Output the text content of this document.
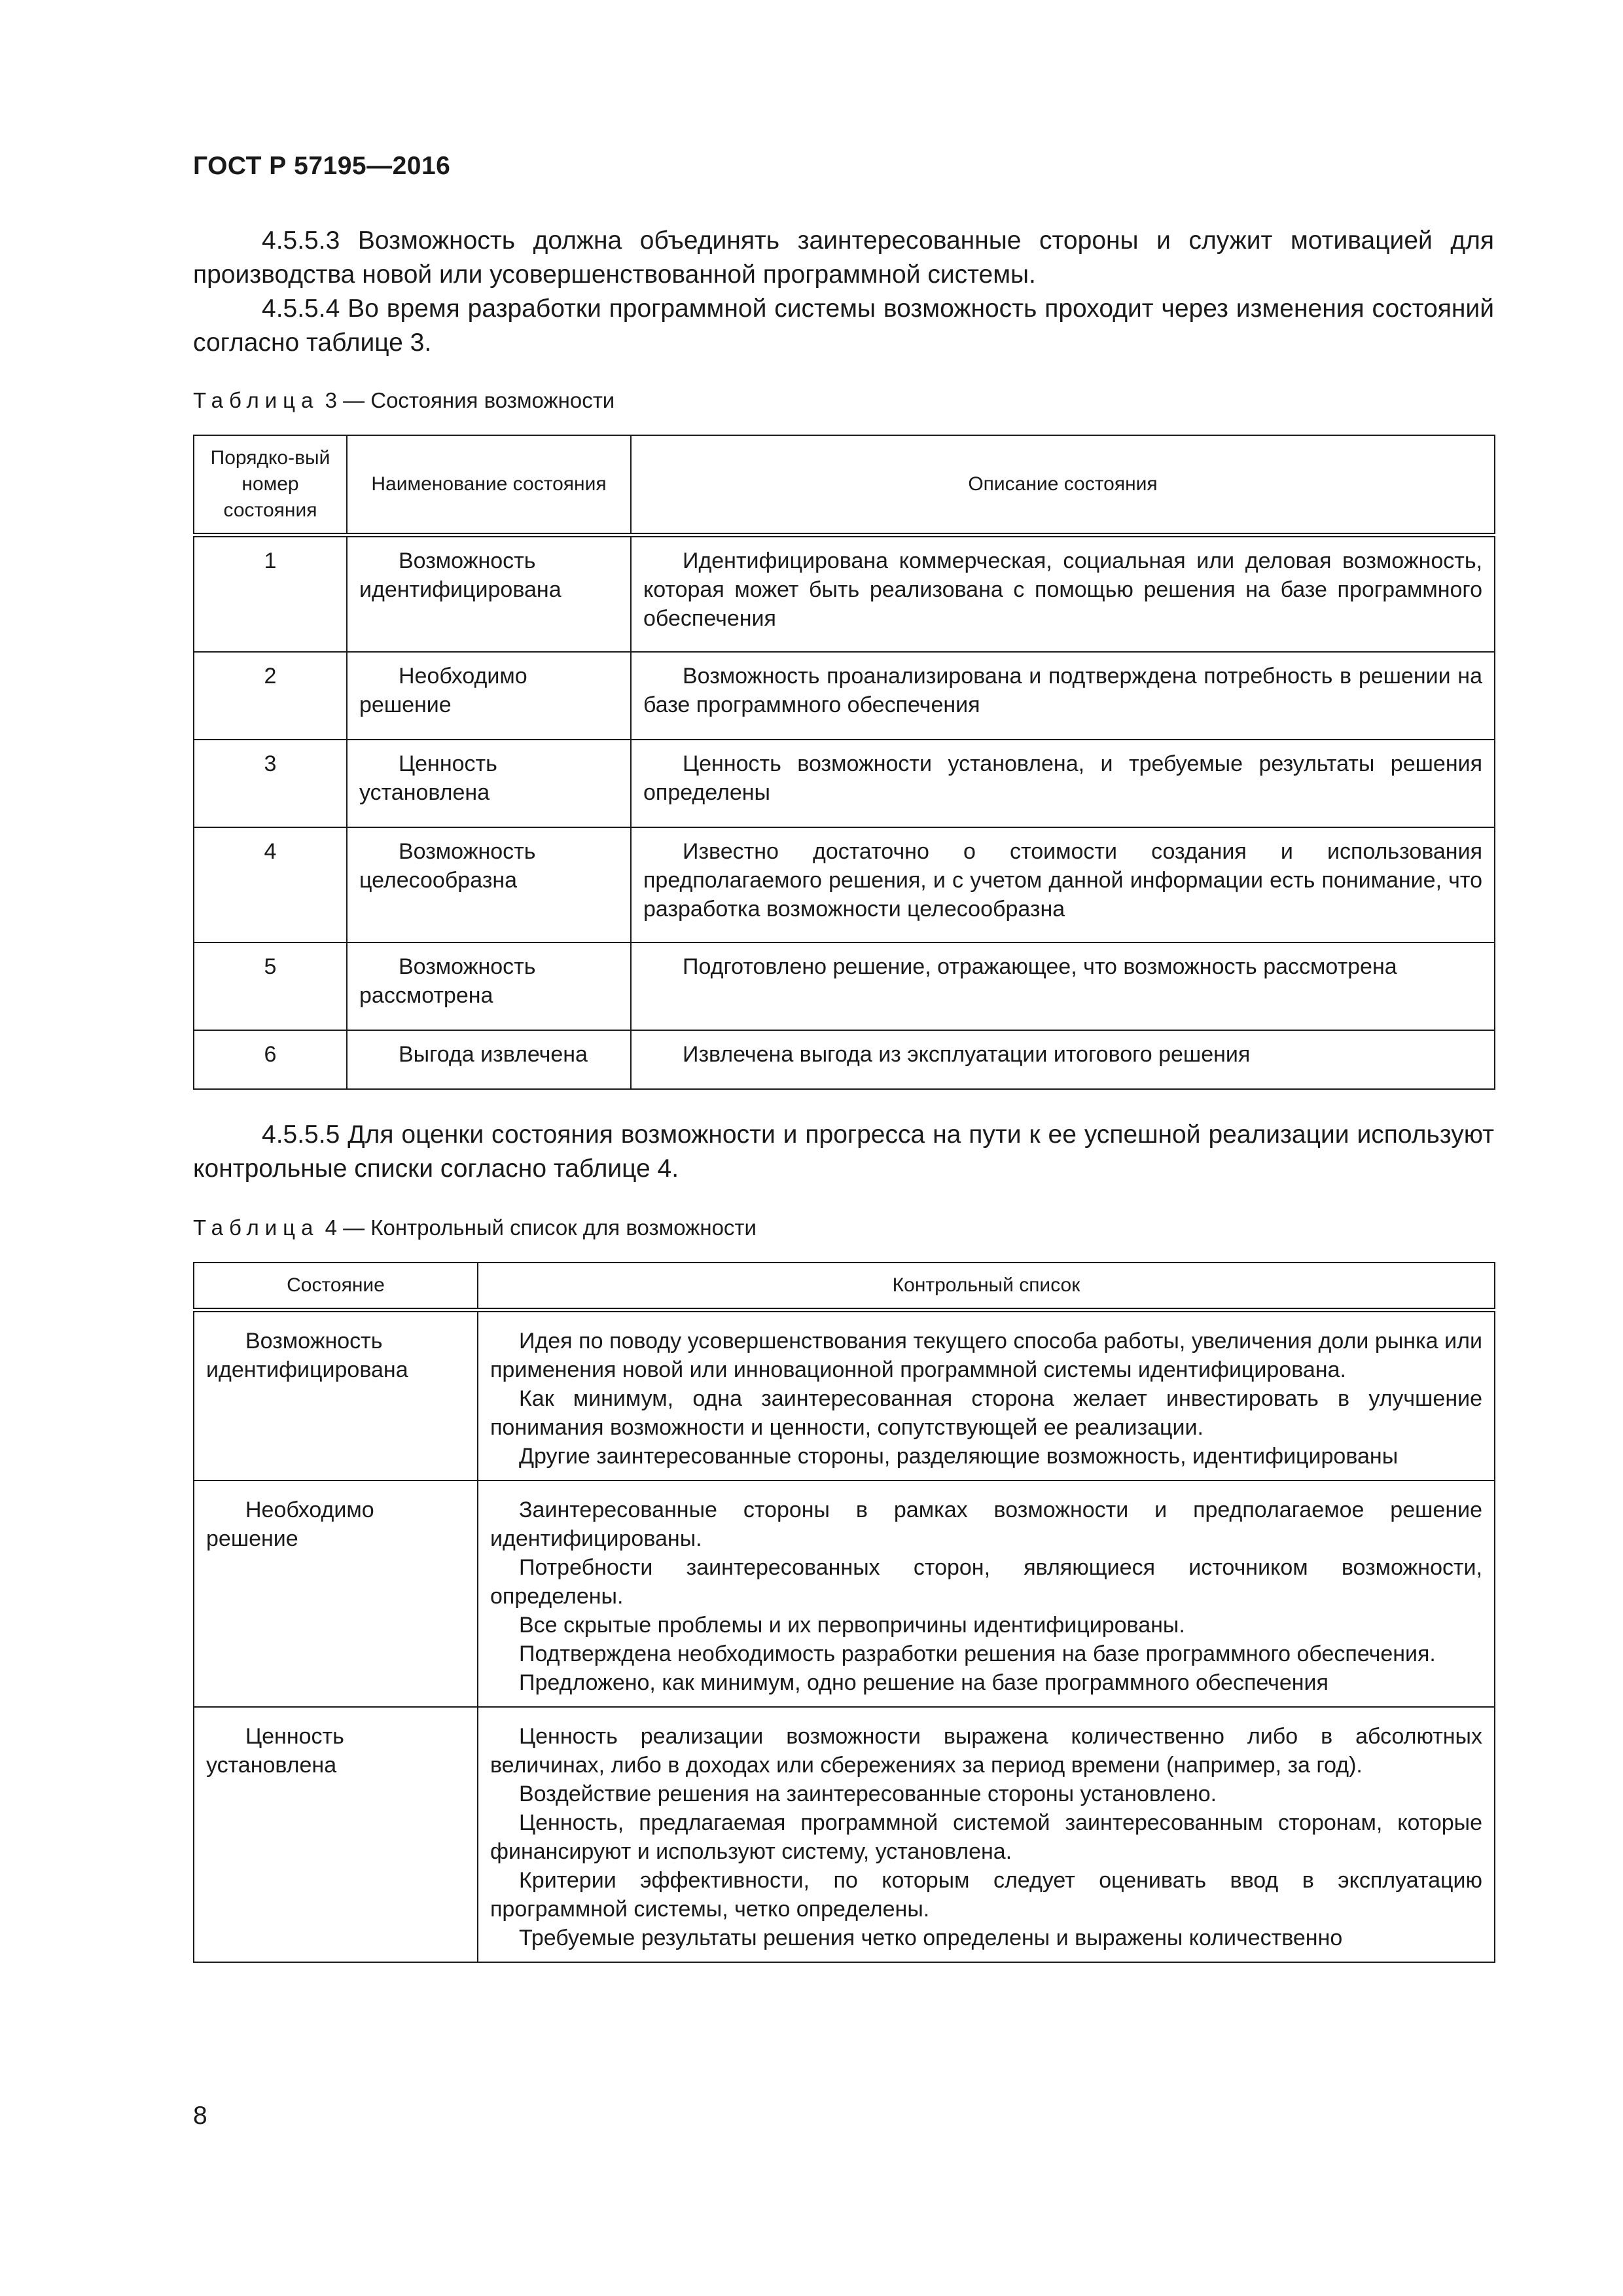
ГОСТ Р 57195—2016

4.5.5.3 Возможность должна объединять заинтересованные стороны и служит мотивацией для производства новой или усовершенствованной программной системы.

4.5.5.4 Во время разработки программной системы возможность проходит через изменения состояний согласно таблице 3.

Таблица 3 — Состояния возможности
Порядко-вый номер состояния	Наименование состояния	Описание состояния
1	Возможность идентифицирована	Идентифицирована коммерческая, социальная или деловая возможность, которая может быть реализована с помощью решения на базе программного обеспечения
2	Необходимо решение	Возможность проанализирована и подтверждена потребность в решении на базе программного обеспечения
3	Ценность установлена	Ценность возможности установлена, и требуемые результаты решения определены
4	Возможность целесообразна	Известно достаточно о стоимости создания и использования предполагаемого решения, и с учетом данной информации есть понимание, что разработка возможности целесообразна
5	Возможность рассмотрена	Подготовлено решение, отражающее, что возможность рассмотрена
6	Выгода извлечена	Извлечена выгода из эксплуатации итогового решения

4.5.5.5 Для оценки состояния возможности и прогресса на пути к ее успешной реализации используют контрольные списки согласно таблице 4.

Таблица 4 — Контрольный список для возможности
Состояние	Контрольный список
Возможность идентифицирована	Идея по поводу усовершенствования текущего способа работы, увеличения доли рынка или применения новой или инновационной программной системы идентифицирована.

Как минимум, одна заинтересованная сторона желает инвестировать в улучшение понимания возможности и ценности, сопутствующей ее реализации.

Другие заинтересованные стороны, разделяющие возможность, идентифицированы

Необходимо решение	Заинтересованные стороны в рамках возможности и предполагаемое решение идентифицированы.

Потребности заинтересованных сторон, являющиеся источником возможности, определены.

Все скрытые проблемы и их первопричины идентифицированы.

Подтверждена необходимость разработки решения на базе программного обеспечения.

Предложено, как минимум, одно решение на базе программного обеспечения

Ценность установлена	Ценность реализации возможности выражена количественно либо в абсолютных величинах, либо в доходах или сбережениях за период времени (например, за год).

Воздействие решения на заинтересованные стороны установлено.

Ценность, предлагаемая программной системой заинтересованным сторонам, которые финансируют и используют систему, установлена.

Критерии эффективности, по которым следует оценивать ввод в эксплуатацию программной системы, четко определены.

Требуемые результаты решения четко определены и выражены количественно

8
